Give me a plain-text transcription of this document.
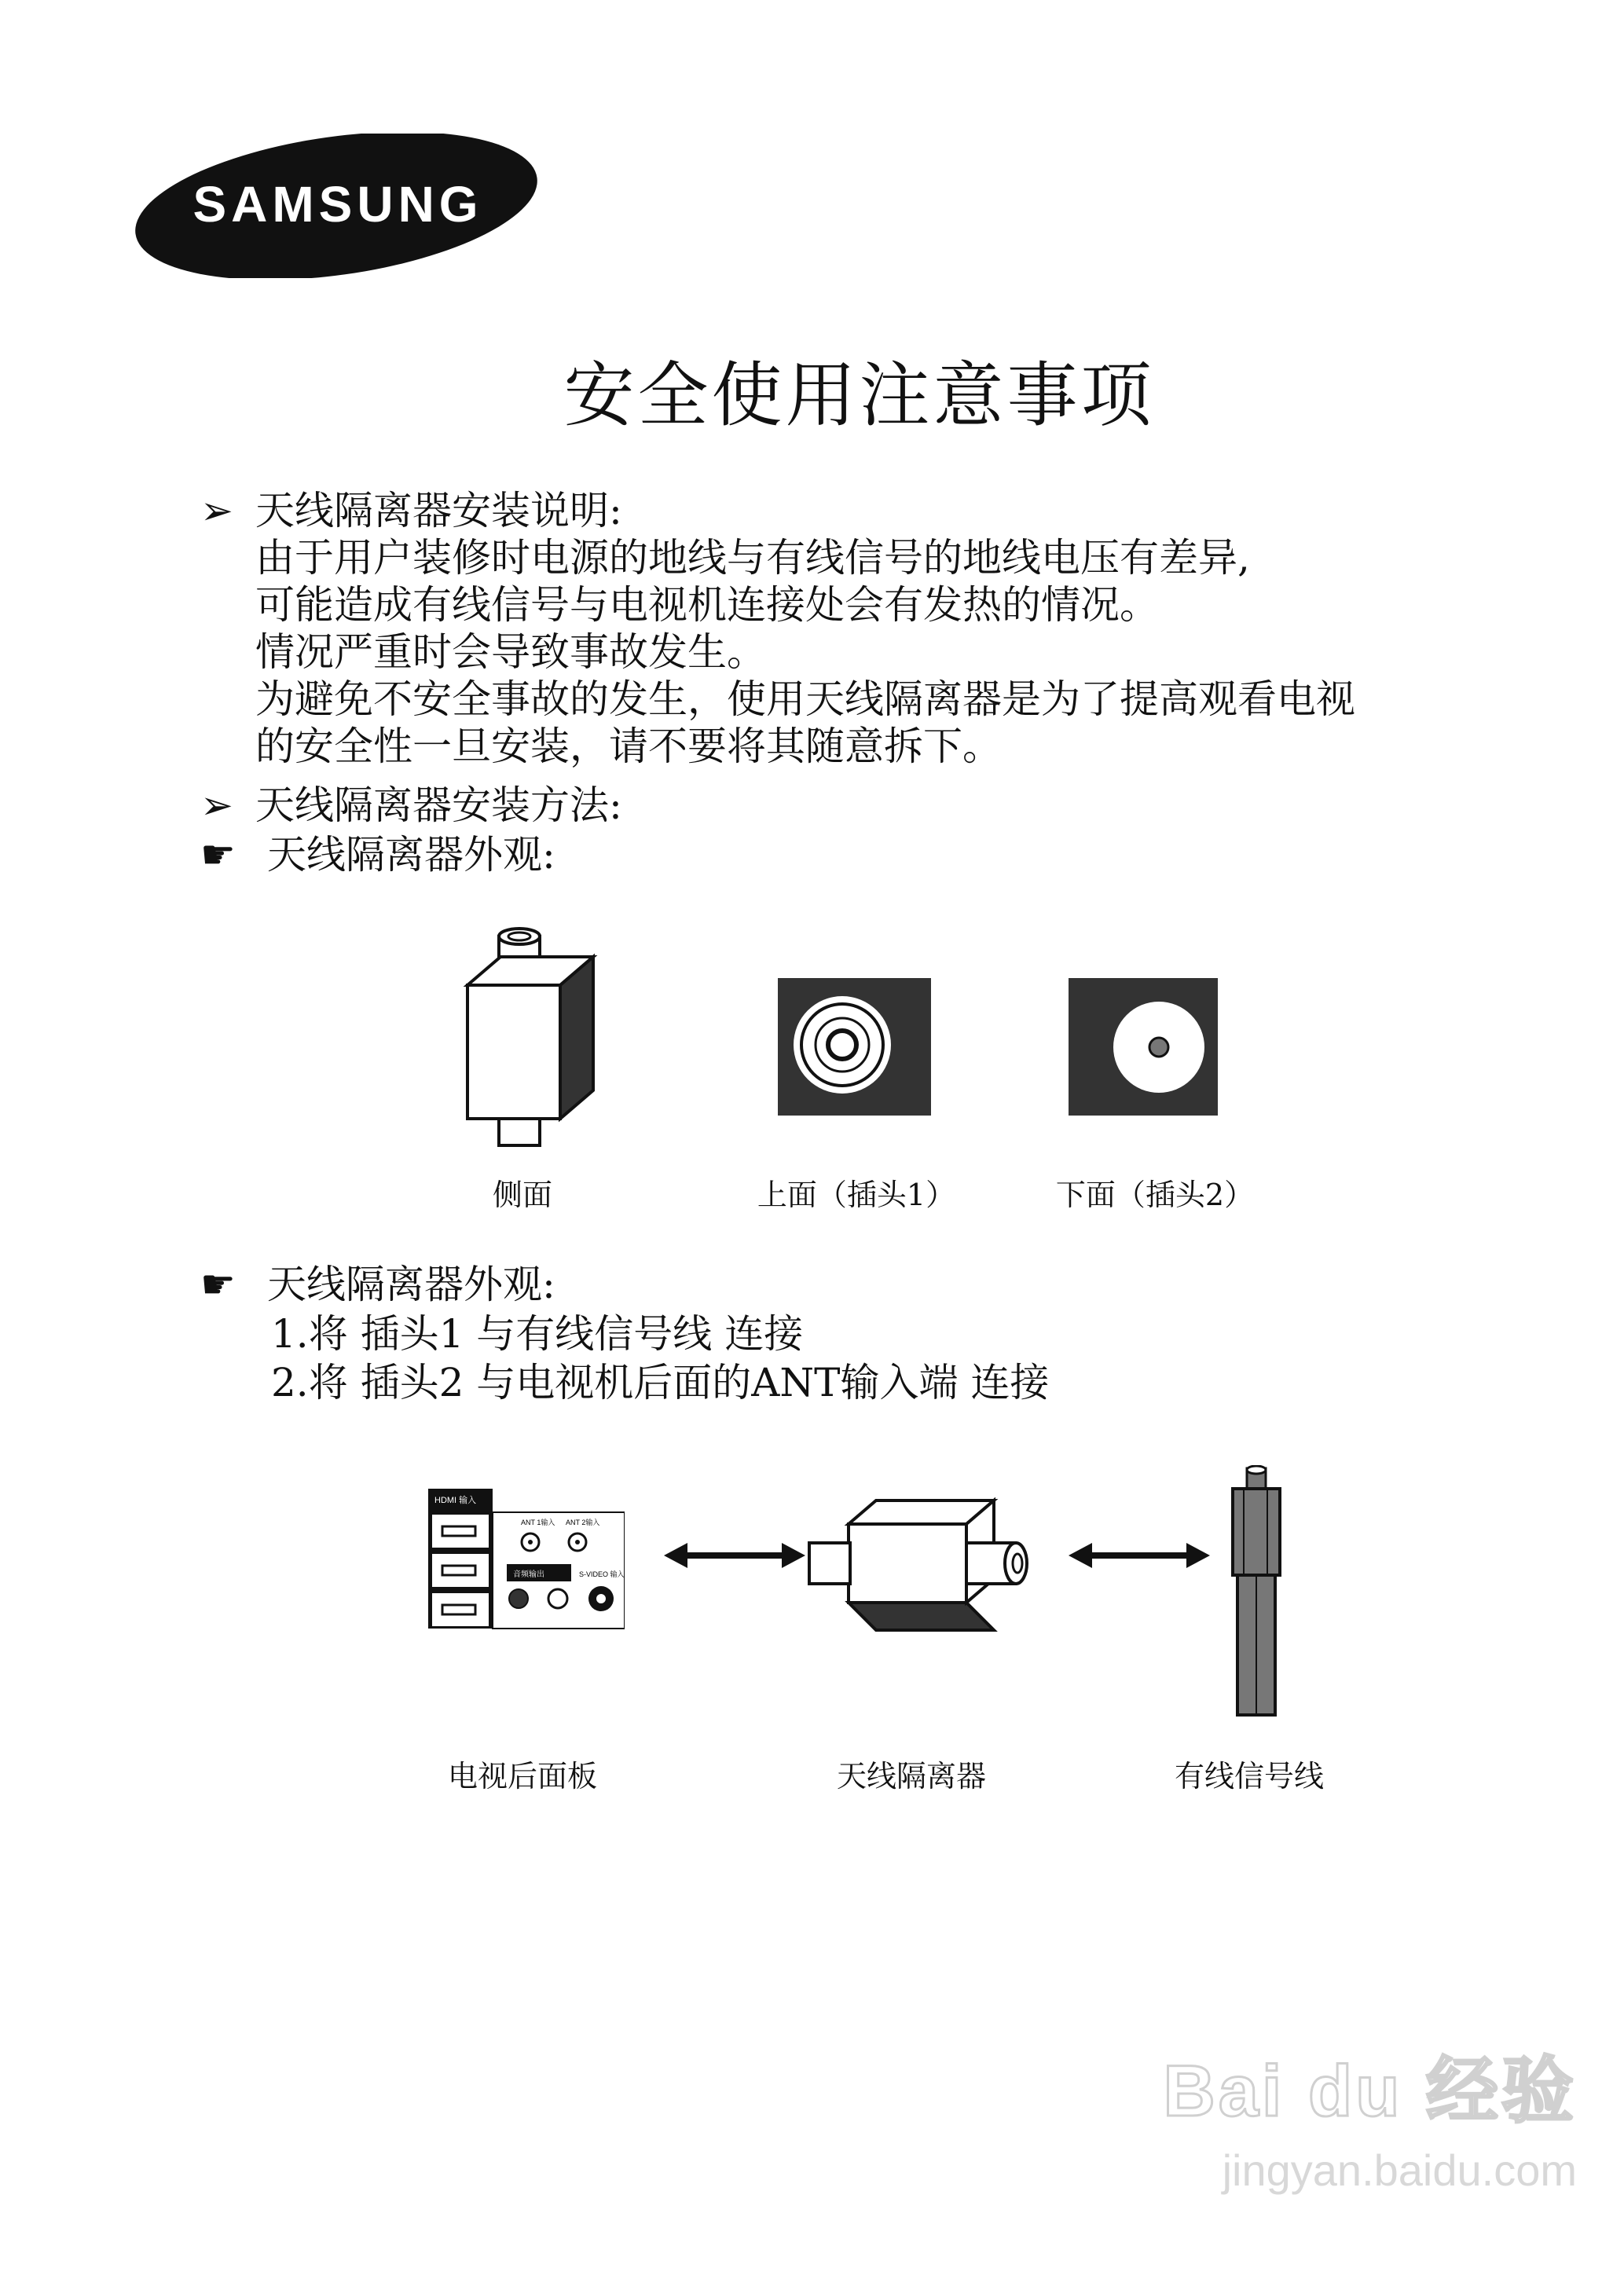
SAMSUNG
安全使用注意事项
➢ 天线隔离器安装说明:
由于用户装修时电源的地线与有线信号的地线电压有差异,
可能造成有线信号与电视机连接处会有发热的情况。
情况严重时会导致事故发生。
为避免不安全事故的发生，使用天线隔离器是为了提高观看电视
的安全性一旦安装，请不要将其随意拆下。
➢ 天线隔离器安装方法:
☛ 天线隔离器外观:
侧面	上面（插头1）	下面（插头2）
☛ 天线隔离器外观:
1.将 插头1 与有线信号线 连接
2.将 插头2 与电视机后面的ANT输入端 连接
HDMI 输入
ANT 1输入 ANT 2输入
音频输出	S-VIDEO 输入
电视后面板	天线隔离器	有线信号线
Bai du 经验
jingyan.baidu.com
